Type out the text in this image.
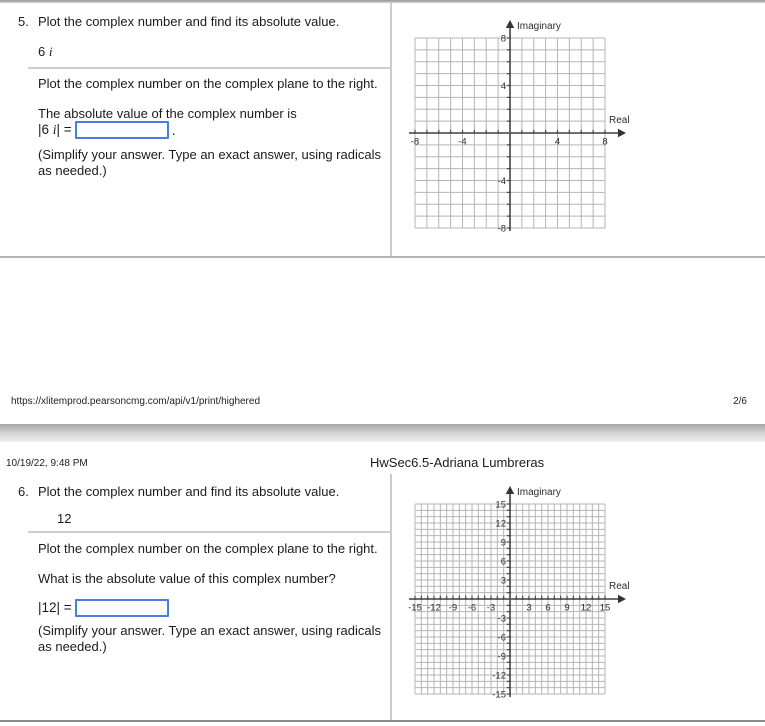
5. Plot the complex number and find its absolute value.
6 i
Plot the complex number on the complex plane to the right.
The absolute value of the complex number is
|6 i| =	.
(Simplify your answer. Type an exact answer, using radicals
as needed.)
-8	-4	4	8
8
4
-4
-8
Imaginary
Real
https://xlitemprod.pearsoncmg.com/api/v1/print/highered	2/6
10/19/22, 9:48 PM	HwSec6.5-Adriana Lumbreras
6. Plot the complex number and find its absolute value.
12
Plot the complex number on the complex plane to the right.
What is the absolute value of this complex number?
|12| =
(Simplify your answer. Type an exact answer, using radicals
as needed.)
-15 -12 -9 -6 -3	3 6 9 12 15
15
12
9
6
3
-3
-6
-9
-12
-15
Imaginary
Real
